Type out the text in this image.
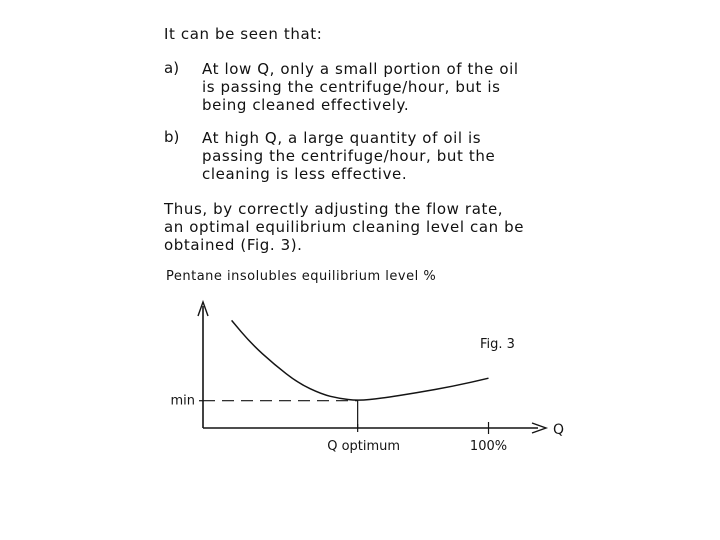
It can be seen that:
a) At low Q, only a small portion of the oil
is passing the centrifuge/hour, but is
being cleaned effectively.
b) At high Q, a large quantity of oil is
passing the centrifuge/hour, but the
cleaning is less effective.
Thus, by correctly adjusting the flow rate,
an optimal equilibrium cleaning level can be
obtained (Fig. 3).
Pentane insolubles equilibrium level %
Q
min
Q optimum	100%
Fig. 3
